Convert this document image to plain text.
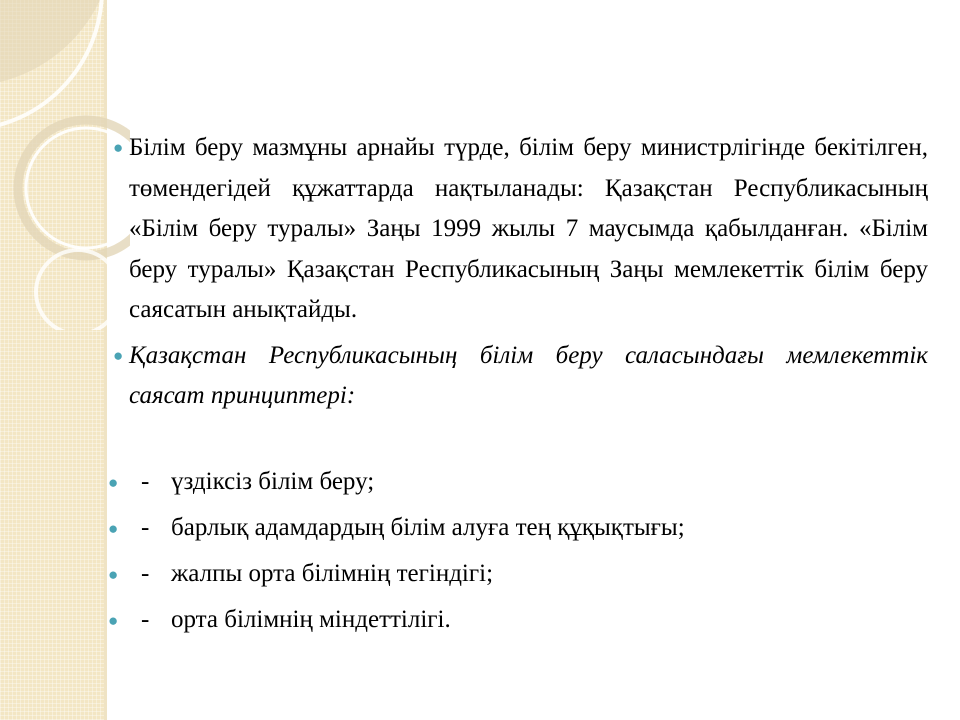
● Білім беру мазмұны арнайы түрде, білім беру министрлігінде бекітілген, төмендегідей құжаттарда нақтыланады: Қазақстан Республикасының «Білім беру туралы» Заңы 1999 жылы 7 маусымда қабылданған. «Білім беру туралы» Қазақстан Республикасының Заңы мемлекеттік білім беру саясатын анықтайды.

● Қазақстан Республикасының білім беру саласындағы мемлекеттік саясат принциптері:

● - үздіксіз білім беру;
● - барлық адамдардың білім алуға тең құқықтығы;
● - жалпы орта білімнің тегіндігі;
● - орта білімнің міндеттілігі.
